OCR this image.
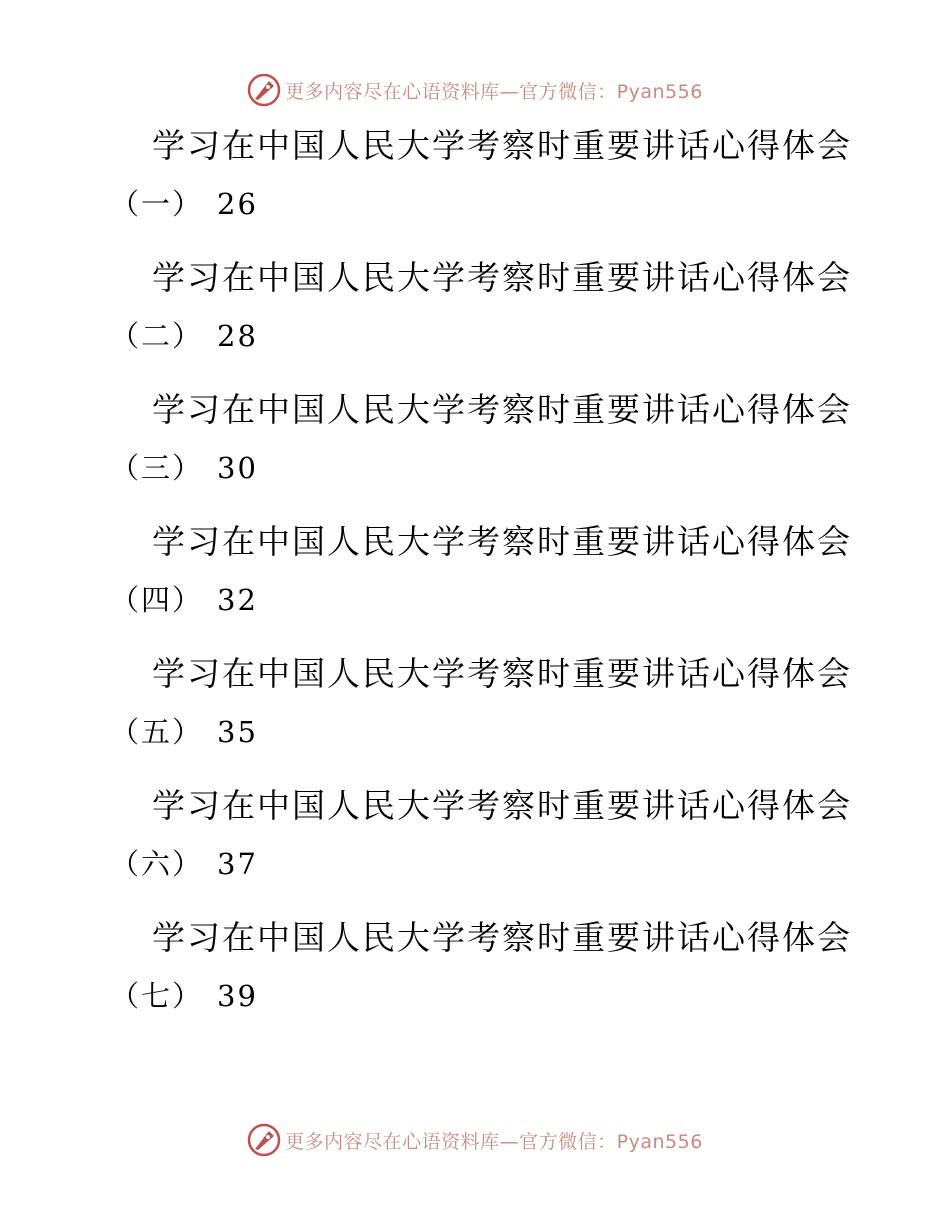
更多内容尽在心语资料库—官方微信：Pyan556
学习在中国人民大学考察时重要讲话心得体会
（一） 26
学习在中国人民大学考察时重要讲话心得体会
（二） 28
学习在中国人民大学考察时重要讲话心得体会
（三） 30
学习在中国人民大学考察时重要讲话心得体会
（四） 32
学习在中国人民大学考察时重要讲话心得体会
（五） 35
学习在中国人民大学考察时重要讲话心得体会
（六） 37
学习在中国人民大学考察时重要讲话心得体会
（七） 39
更多内容尽在心语资料库—官方微信：Pyan556
